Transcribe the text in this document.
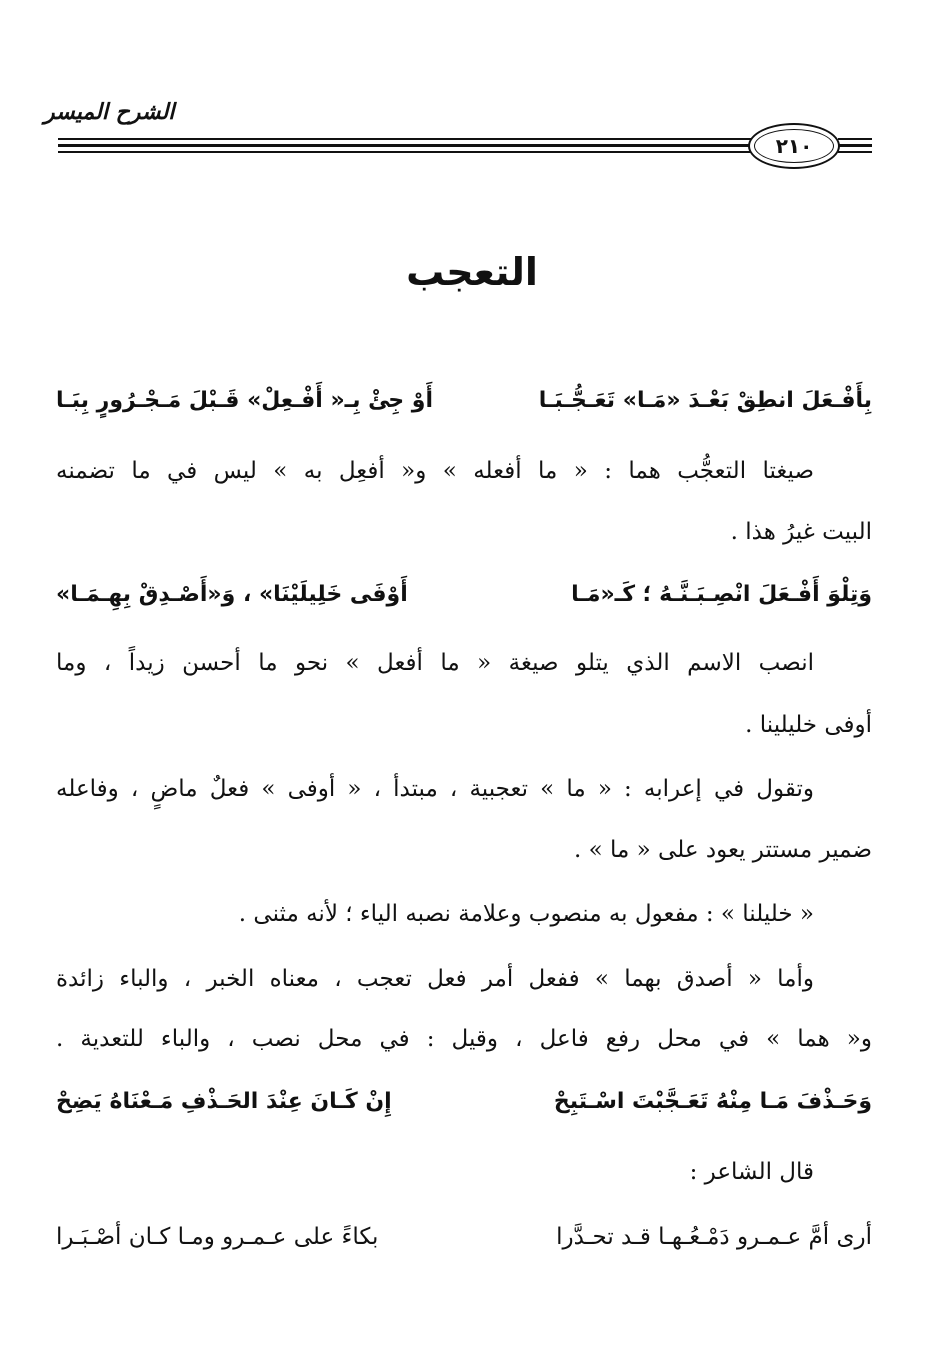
الشرح الميسر
٢١٠
التعجب
بِأَفْـعَلَ انطِقْ بَعْـدَ «مَـا» تَعَـجُّـبَـا
أَوْ جِئْ بِـ« أَفْـعِلْ» قَـبْلَ مَـجْـرُورٍ بِبَـا
صيغتا التعجُّب هما : « ما أفعله » و« أفعِل به » ليس في ما تضمنه
البيت غيرُ هذا .
وَتِلْوَ أَفْـعَلَ انْصِـبَـنَّـهُ ؛ كَـ«مَـا
أَوْفَى خَلِيلَيْنَا» ، وَ«أَصْـدِقْ بِهِـمَـا»
انصب الاسم الذي يتلو صيغة « ما أفعل » نحو ما أحسن زيداً ، وما
أوفى خليلينا .
وتقول في إعرابه : « ما » تعجبية ، مبتدأ ، « أوفى » فعلٌ ماضٍ ، وفاعله
ضمير مستتر يعود على « ما » .
« خليلنا » : مفعول به منصوب وعلامة نصبه الياء ؛ لأنه مثنى .
وأما « أصدق بهما » ففعل أمر فعل تعجب ، معناه الخبر ، والباء زائدة
و« هما » في محل رفع فاعل ، وقيل : في محل نصب ، والباء للتعدية .
وَحَـذْفَ مَـا مِنْهُ تَعَـجَّبْتَ اسْـتَبِحْ
إِنْ كَـانَ عِنْدَ الحَـذْفِ مَـعْنَاهُ يَضِحْ
قال الشاعر :
أرى أمَّ عـمـرو دَمْـعُـهـا قـد تحـدَّرا
بكاءً على عـمـرو ومـا كـان أصْـبَـرا
